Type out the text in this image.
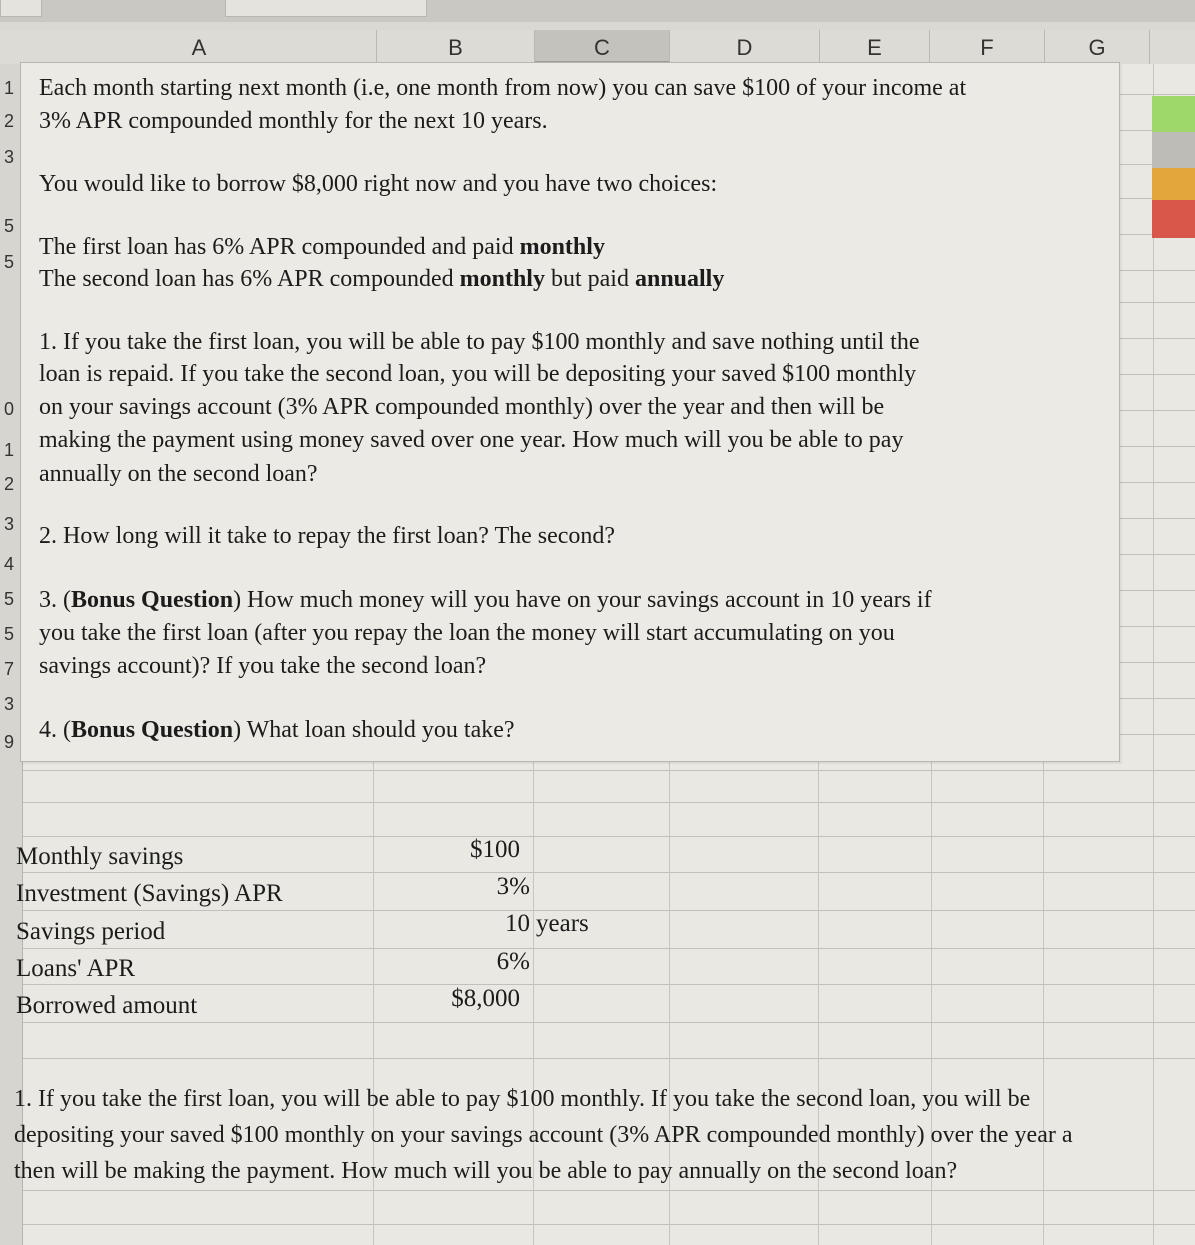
A	B	C	D	E	F	G
1
2
3
5
5
0
1
2
3
4
5
5
7
3
9
Each month starting next month (i.e, one month from now) you can save $100 of your income at
3% APR compounded monthly for the next 10 years.
You would like to borrow $8,000 right now and you have two choices:
The first loan has 6% APR compounded and paid monthly
The second loan has 6% APR compounded monthly but paid annually
1. If you take the first loan, you will be able to pay $100 monthly and save nothing until the
loan is repaid. If you take the second loan, you will be depositing your saved $100 monthly
on your savings account (3% APR compounded monthly) over the year and then will be
making the payment using money saved over one year. How much will you be able to pay
annually on the second loan?
2. How long will it take to repay the first loan? The second?
3. (Bonus Question) How much money will you have on your savings account in 10 years if
you take the first loan (after you repay the loan the money will start accumulating on you
savings account)? If you take the second loan?
4. (Bonus Question) What loan should you take?
Monthly savings	$100
Investment (Savings) APR	3%
Savings period	10 years
Loans' APR	6%
Borrowed amount	$8,000
1. If you take the first loan, you will be able to pay $100 monthly. If you take the second loan, you will be
depositing your saved $100 monthly on your savings account (3% APR compounded monthly) over the year a
then will be making the payment. How much will you be able to pay annually on the second loan?
